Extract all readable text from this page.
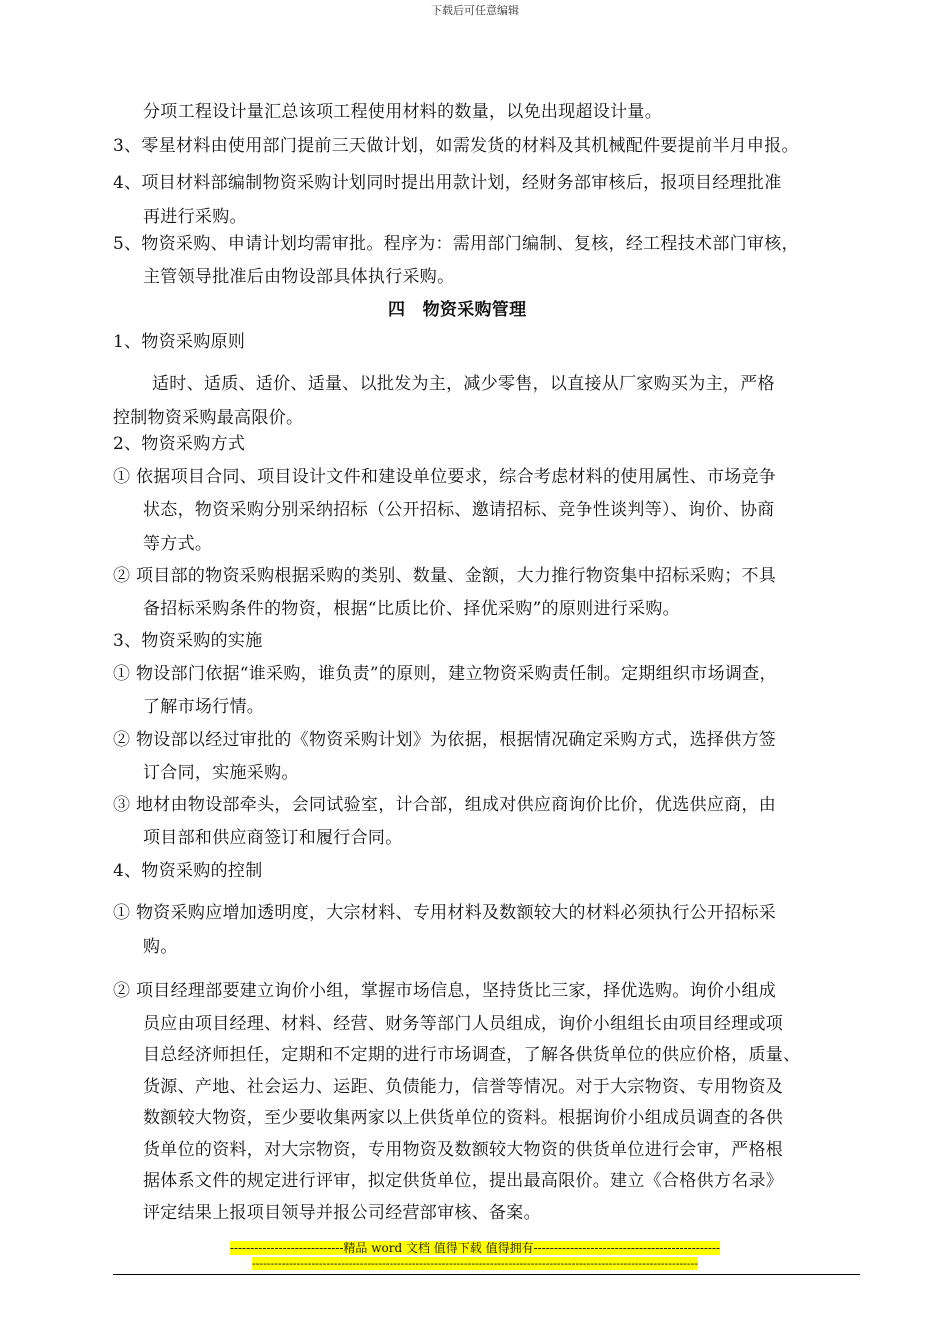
下载后可任意编辑
分项工程设计量汇总该项工程使用材料的数量，以免出现超设计量。
3、零星材料由使用部门提前三天做计划，如需发货的材料及其机械配件要提前半月申报。
4、项目材料部编制物资采购计划同时提出用款计划，经财务部审核后，报项目经理批准
再进行采购。
5、物资采购、申请计划均需审批。程序为：需用部门编制、复核，经工程技术部门审核，
主管领导批准后由物设部具体执行采购。
四　物资采购管理
1、物资采购原则
适时、适质、适价、适量、以批发为主，减少零售，以直接从厂家购买为主，严格
控制物资采购最高限价。
2、物资采购方式
① 依据项目合同、项目设计文件和建设单位要求，综合考虑材料的使用属性、市场竞争
状态，物资采购分别采纳招标（公开招标、邀请招标、竞争性谈判等）、询价、协商
等方式。
② 项目部的物资采购根据采购的类别、数量、金额，大力推行物资集中招标采购；不具
备招标采购条件的物资，根据“比质比价、择优采购”的原则进行采购。
3、物资采购的实施
① 物设部门依据“谁采购，谁负责”的原则，建立物资采购责任制。定期组织市场调查，
了解市场行情。
② 物设部以经过审批的《物资采购计划》为依据，根据情况确定采购方式，选择供方签
订合同，实施采购。
③ 地材由物设部牵头，会同试验室，计合部，组成对供应商询价比价，优选供应商，由
项目部和供应商签订和履行合同。
4、物资采购的控制
① 物资采购应增加透明度，大宗材料、专用材料及数额较大的材料必须执行公开招标采
购。
② 项目经理部要建立询价小组，掌握市场信息，坚持货比三家，择优选购。询价小组成
员应由项目经理、材料、经营、财务等部门人员组成，询价小组组长由项目经理或项
目总经济师担任，定期和不定期的进行市场调查，了解各供货单位的供应价格，质量、
货源、产地、社会运力、运距、负债能力，信誉等情况。对于大宗物资、专用物资及
数额较大物资，至少要收集两家以上供货单位的资料。根据询价小组成员调查的各供
货单位的资料，对大宗物资，专用物资及数额较大物资的供货单位进行会审，严格根
据体系文件的规定进行评审，拟定供货单位，提出最高限价。建立《合格供方名录》
评定结果上报项目领导并报公司经营部审核、备案。
----------------------------精品 word 文档 值得下载 值得拥有----------------------------------------------
------------------------------------------------------------------------------------------------------------------------
